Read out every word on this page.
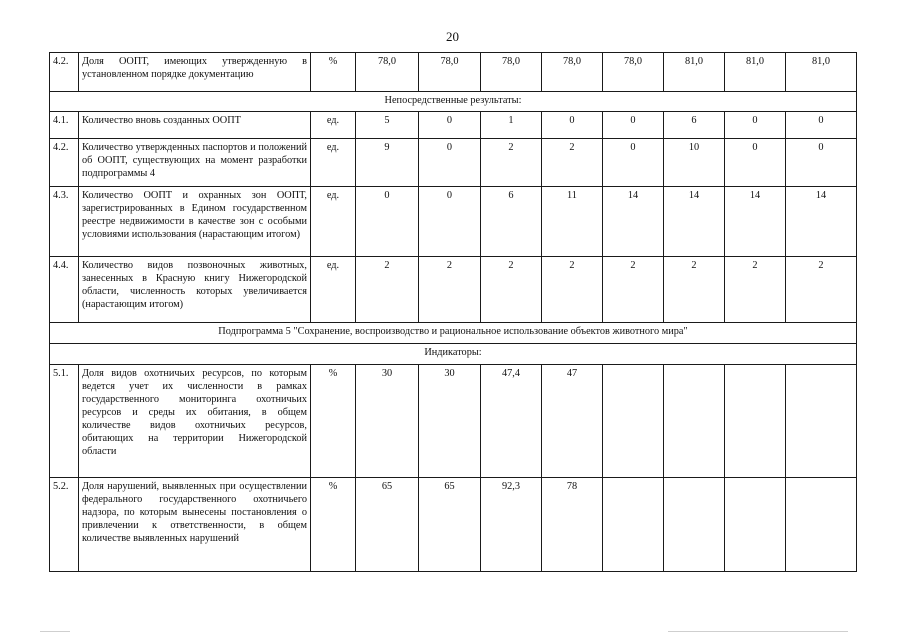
20
4.2.	Доля ООПТ, имеющих утвержденную в установленном порядке документацию	%	78,0	78,0	78,0	78,0	78,0	81,0	81,0	81,0
Непосредственные результаты:										
4.1.	Количество вновь созданных ООПТ	ед.	5	0	1	0	0	6	0	0
4.2.	Количество утвержденных паспортов и положений об ООПТ, существующих на момент разработки подпрограммы 4	ед.	9	0	2	2	0	10	0	0
4.3.	Количество ООПТ и охранных зон ООПТ, зарегистрированных в Едином государственном реестре недвижимости в качестве зон с особыми условиями использования (нарастающим итогом)	ед.	0	0	6	11	14	14	14	14
4.4.	Количество видов позвоночных животных, занесенных в Красную книгу Нижегородской области, численность которых увеличивается (нарастающим итогом)	ед.	2	2	2	2	2	2	2	2
Подпрограмма 5 "Сохранение, воспроизводство и рациональное использование объектов животного мира"										
Индикаторы:										
5.1.	Доля видов охотничьих ресурсов, по которым ведется учет их численности в рамках государственного мониторинга охотничьих ресурсов и среды их обитания, в общем количестве видов охотничьих ресурсов, обитающих на территории Нижегородской области	%	30	30	47,4	47				
5.2.	Доля нарушений, выявленных при осуществлении федерального государственного охотничьего надзора, по которым вынесены постановления о привлечении к ответственности, в общем количестве выявленных нарушений	%	65	65	92,3	78				
